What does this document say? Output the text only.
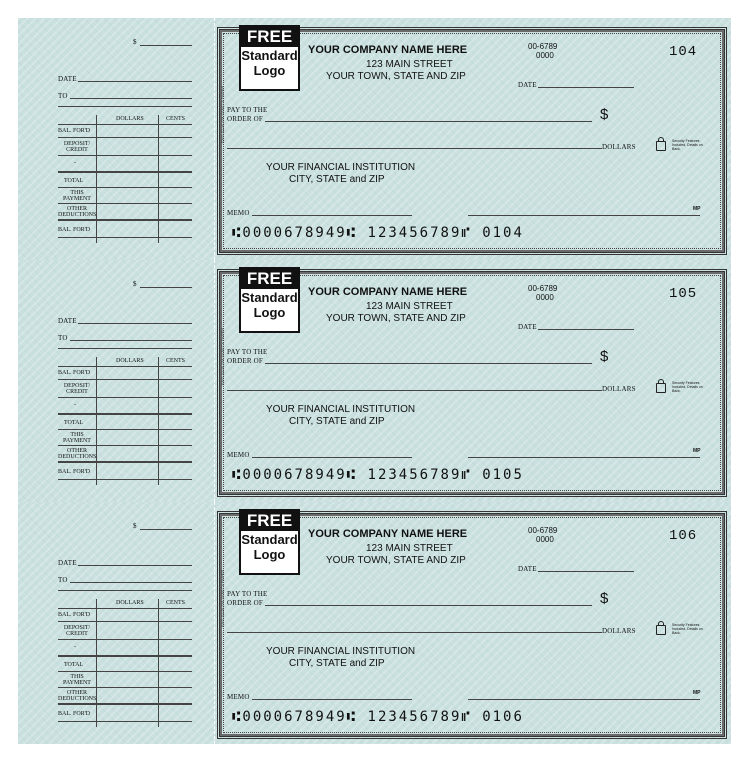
$
DATE
TO
DOLLARS	CENTS
BAL. FOR'D
DEPOSIT/ CREDIT
-
TOTAL
THIS PAYMENT
OTHER DEDUCTIONS
BAL. FOR'D
FREE
Standard
Logo
YOUR COMPANY NAME HERE
123 MAIN STREET
YOUR TOWN, STATE AND ZIP
00-6789
0000	104
DATE
PAY TO THE
ORDER OF	$
DOLLARS
Security Features Included. Details on Back.
YOUR FINANCIAL INSTITUTION
CITY, STATE and ZIP
MEMO	MP
⑆0000678949⑆ 123456789⑈ 0104
ENG-0126-SM SAFETY PAPER
$
DATE
TO
DOLLARS	CENTS
BAL. FOR'D
DEPOSIT/ CREDIT
-
TOTAL
THIS PAYMENT
OTHER DEDUCTIONS
BAL. FOR'D
FREE
Standard
Logo
YOUR COMPANY NAME HERE
123 MAIN STREET
YOUR TOWN, STATE AND ZIP
00-6789
0000	105
DATE
PAY TO THE
ORDER OF	$
DOLLARS
Security Features Included. Details on Back.
YOUR FINANCIAL INSTITUTION
CITY, STATE and ZIP
MEMO	MP
⑆0000678949⑆ 123456789⑈ 0105
ENG-0126-SM SAFETY PAPER
$
DATE
TO
DOLLARS	CENTS
BAL. FOR'D
DEPOSIT/ CREDIT
-
TOTAL
THIS PAYMENT
OTHER DEDUCTIONS
BAL. FOR'D
FREE
Standard
Logo
YOUR COMPANY NAME HERE
123 MAIN STREET
YOUR TOWN, STATE AND ZIP
00-6789
0000	106
DATE
PAY TO THE
ORDER OF	$
DOLLARS
Security Features Included. Details on Back.
YOUR FINANCIAL INSTITUTION
CITY, STATE and ZIP
MEMO	MP
⑆0000678949⑆ 123456789⑈ 0106
ENG-0126-SM SAFETY PAPER
